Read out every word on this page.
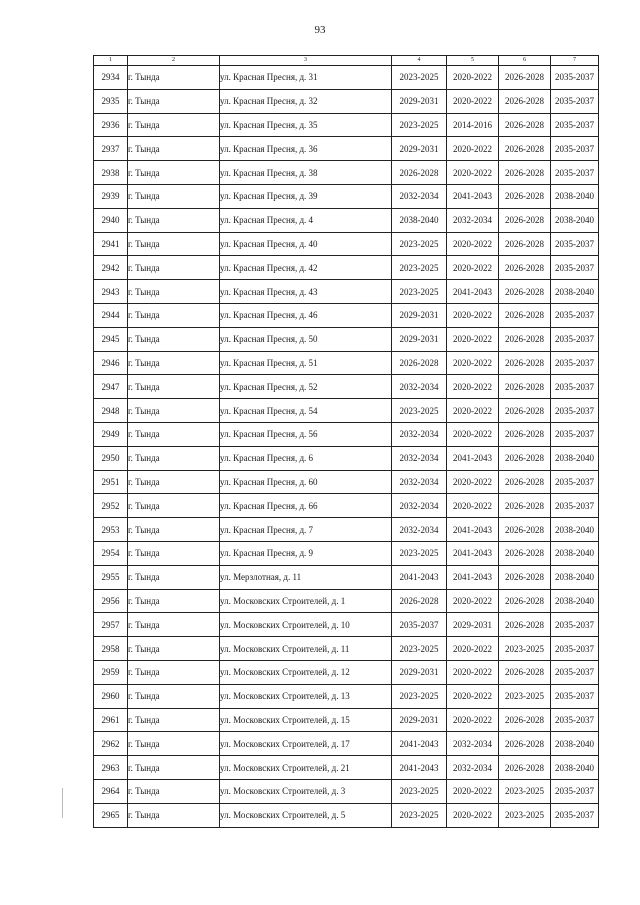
93
1	2	3	4	5	6	7
2934	г. Тында	ул. Красная Пресня, д. 31	2023-2025	2020-2022	2026-2028	2035-2037
2935	г. Тында	ул. Красная Пресня, д. 32	2029-2031	2020-2022	2026-2028	2035-2037
2936	г. Тында	ул. Красная Пресня, д. 35	2023-2025	2014-2016	2026-2028	2035-2037
2937	г. Тында	ул. Красная Пресня, д. 36	2029-2031	2020-2022	2026-2028	2035-2037
2938	г. Тында	ул. Красная Пресня, д. 38	2026-2028	2020-2022	2026-2028	2035-2037
2939	г. Тында	ул. Красная Пресня, д. 39	2032-2034	2041-2043	2026-2028	2038-2040
2940	г. Тында	ул. Красная Пресня, д. 4	2038-2040	2032-2034	2026-2028	2038-2040
2941	г. Тында	ул. Красная Пресня, д. 40	2023-2025	2020-2022	2026-2028	2035-2037
2942	г. Тында	ул. Красная Пресня, д. 42	2023-2025	2020-2022	2026-2028	2035-2037
2943	г. Тында	ул. Красная Пресня, д. 43	2023-2025	2041-2043	2026-2028	2038-2040
2944	г. Тында	ул. Красная Пресня, д. 46	2029-2031	2020-2022	2026-2028	2035-2037
2945	г. Тында	ул. Красная Пресня, д. 50	2029-2031	2020-2022	2026-2028	2035-2037
2946	г. Тында	ул. Красная Пресня, д. 51	2026-2028	2020-2022	2026-2028	2035-2037
2947	г. Тында	ул. Красная Пресня, д. 52	2032-2034	2020-2022	2026-2028	2035-2037
2948	г. Тында	ул. Красная Пресня, д. 54	2023-2025	2020-2022	2026-2028	2035-2037
2949	г. Тында	ул. Красная Пресня, д. 56	2032-2034	2020-2022	2026-2028	2035-2037
2950	г. Тында	ул. Красная Пресня, д. 6	2032-2034	2041-2043	2026-2028	2038-2040
2951	г. Тында	ул. Красная Пресня, д. 60	2032-2034	2020-2022	2026-2028	2035-2037
2952	г. Тында	ул. Красная Пресня, д. 66	2032-2034	2020-2022	2026-2028	2035-2037
2953	г. Тында	ул. Красная Пресня, д. 7	2032-2034	2041-2043	2026-2028	2038-2040
2954	г. Тында	ул. Красная Пресня, д. 9	2023-2025	2041-2043	2026-2028	2038-2040
2955	г. Тында	ул. Мерзлотная, д. 11	2041-2043	2041-2043	2026-2028	2038-2040
2956	г. Тында	ул. Московских Строителей, д. 1	2026-2028	2020-2022	2026-2028	2038-2040
2957	г. Тында	ул. Московских Строителей, д. 10	2035-2037	2029-2031	2026-2028	2035-2037
2958	г. Тында	ул. Московских Строителей, д. 11	2023-2025	2020-2022	2023-2025	2035-2037
2959	г. Тында	ул. Московских Строителей, д. 12	2029-2031	2020-2022	2026-2028	2035-2037
2960	г. Тында	ул. Московских Строителей, д. 13	2023-2025	2020-2022	2023-2025	2035-2037
2961	г. Тында	ул. Московских Строителей, д. 15	2029-2031	2020-2022	2026-2028	2035-2037
2962	г. Тында	ул. Московских Строителей, д. 17	2041-2043	2032-2034	2026-2028	2038-2040
2963	г. Тында	ул. Московских Строителей, д. 21	2041-2043	2032-2034	2026-2028	2038-2040
2964	г. Тында	ул. Московских Строителей, д. 3	2023-2025	2020-2022	2023-2025	2035-2037
2965	г. Тында	ул. Московских Строителей, д. 5	2023-2025	2020-2022	2023-2025	2035-2037
